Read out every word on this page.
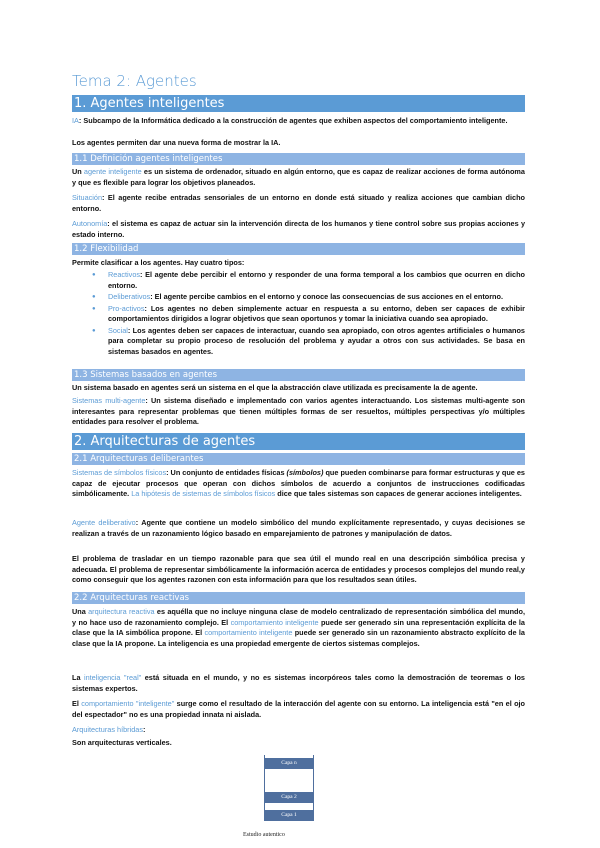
Tema 2: Agentes
1. Agentes inteligentes
IA: Subcampo de la Informática dedicado a la construcción de agentes que exhiben aspectos del comportamiento inteligente.
Los agentes permiten dar una nueva forma de mostrar la IA.
1.1 Definición agentes inteligentes
Un agente inteligente es un sistema de ordenador, situado en algún entorno, que es capaz de realizar acciones de forma autónoma y que es flexible para lograr los objetivos planeados.
Situación: El agente recibe entradas sensoriales de un entorno en donde está situado y realiza acciones que cambian dicho entorno.
Autonomía: el sistema es capaz de actuar sin la intervención directa de los humanos y tiene control sobre sus propias acciones y estado interno.
1.2 Flexibilidad
Permite clasificar a los agentes. Hay cuatro tipos:
● Reactivos: El agente debe percibir el entorno y responder de una forma temporal a los cambios que ocurren en dicho entorno.
● Deliberativos: El agente percibe cambios en el entorno y conoce las consecuencias de sus acciones en el entorno.
● Pro-activos: Los agentes no deben simplemente actuar en respuesta a su entorno, deben ser capaces de exhibir comportamientos dirigidos a lograr objetivos que sean oportunos y tomar la iniciativa cuando sea apropiado.
● Social: Los agentes deben ser capaces de interactuar, cuando sea apropiado, con otros agentes artificiales o humanos para completar su propio proceso de resolución del problema y ayudar a otros con sus actividades. Se basa en sistemas basados en agentes.
1.3 Sistemas basados en agentes
Un sistema basado en agentes será un sistema en el que la abstracción clave utilizada es precisamente la de agente.
Sistemas multi-agente: Un sistema diseñado e implementado con varios agentes interactuando. Los sistemas multi-agente son interesantes para representar problemas que tienen múltiples formas de ser resueltos, múltiples perspectivas y/o múltiples entidades para resolver el problema.
2. Arquitecturas de agentes
2.1 Arquitecturas deliberantes
Sistemas de símbolos físicos: Un conjunto de entidades físicas (símbolos) que pueden combinarse para formar estructuras y que es capaz de ejecutar procesos que operan con dichos símbolos de acuerdo a conjuntos de instrucciones codificadas simbólicamente. La hipótesis de sistemas de símbolos físicos dice que tales sistemas son capaces de generar acciones inteligentes.
Agente deliberativo: Agente que contiene un modelo simbólico del mundo explícitamente representado, y cuyas decisiones se realizan a través de un razonamiento lógico basado en emparejamiento de patrones y manipulación de datos.
El problema de trasladar en un tiempo razonable para que sea útil el mundo real en una descripción simbólica precisa y adecuada. El problema de representar simbólicamente la información acerca de entidades y procesos complejos del mundo real,y como conseguir que los agentes razonen con esta información para que los resultados sean útiles.
2.2 Arquitecturas reactivas
Una arquitectura reactiva es aquélla que no incluye ninguna clase de modelo centralizado de representación simbólica del mundo, y no hace uso de razonamiento complejo. El comportamiento inteligente puede ser generado sin una representación explícita de la clase que la IA simbólica propone. El comportamiento inteligente puede ser generado sin un razonamiento abstracto explícito de la clase que la IA propone. La inteligencia es una propiedad emergente de ciertos sistemas complejos.
La inteligencia "real" está situada en el mundo, y no es sistemas incorpóreos tales como la demostración de teoremas o los sistemas expertos.
El comportamiento "inteligente" surge como el resultado de la interacción del agente con su entorno. La inteligencia está "en el ojo del espectador" no es una propiedad innata ni aislada.
Arquitecturas híbridas:
Son arquitecturas verticales.
Capa n
Capa 2
Capa 1
Estudio autentico
